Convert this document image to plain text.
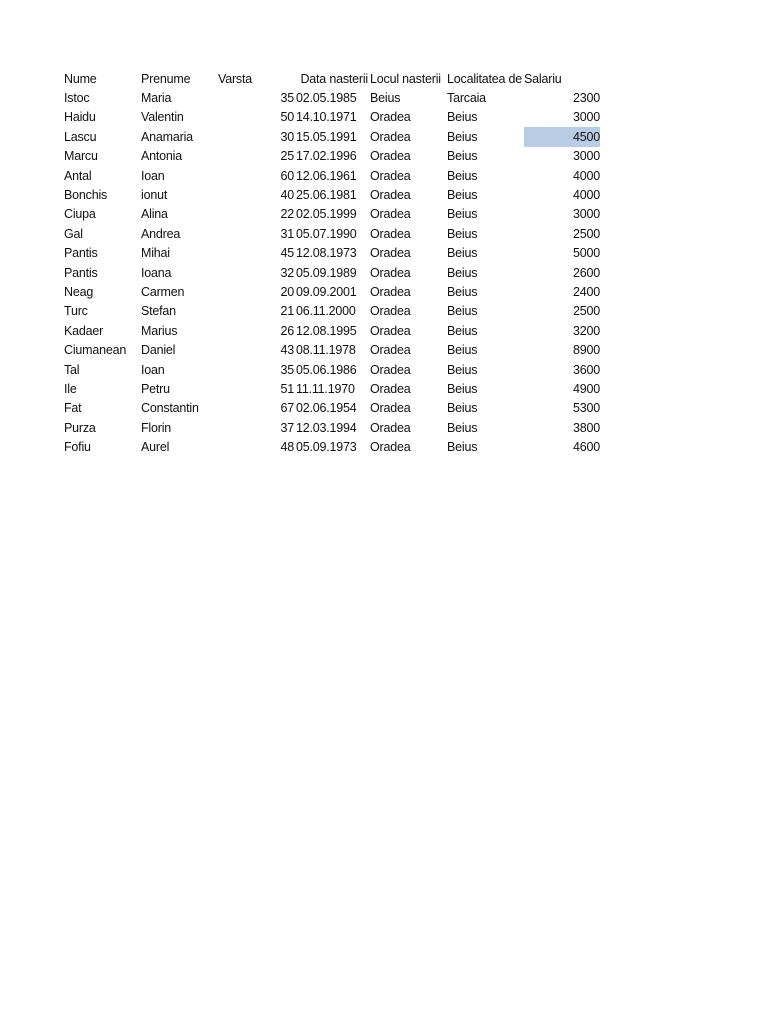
Nume	Prenume	Varsta	Data nasterii		Locul nasterii	Localitatea de	Salariu
Istoc	Maria		35	02.05.1985	Beius	Tarcaia	2300
Haidu	Valentin		50	14.10.1971	Oradea	Beius	3000
Lascu	Anamaria		30	15.05.1991	Oradea	Beius	4500
Marcu	Antonia		25	17.02.1996	Oradea	Beius	3000
Antal	Ioan		60	12.06.1961	Oradea	Beius	4000
Bonchis	ionut		40	25.06.1981	Oradea	Beius	4000
Ciupa	Alina		22	02.05.1999	Oradea	Beius	3000
Gal	Andrea		31	05.07.1990	Oradea	Beius	2500
Pantis	Mihai		45	12.08.1973	Oradea	Beius	5000
Pantis	Ioana		32	05.09.1989	Oradea	Beius	2600
Neag	Carmen		20	09.09.2001	Oradea	Beius	2400
Turc	Stefan		21	06.11.2000	Oradea	Beius	2500
Kadaer	Marius		26	12.08.1995	Oradea	Beius	3200
Ciumanean	Daniel		43	08.11.1978	Oradea	Beius	8900
Tal	Ioan		35	05.06.1986	Oradea	Beius	3600
Ile	Petru		51	11.11.1970	Oradea	Beius	4900
Fat	Constantin		67	02.06.1954	Oradea	Beius	5300
Purza	Florin		37	12.03.1994	Oradea	Beius	3800
Fofiu	Aurel		48	05.09.1973	Oradea	Beius	4600
